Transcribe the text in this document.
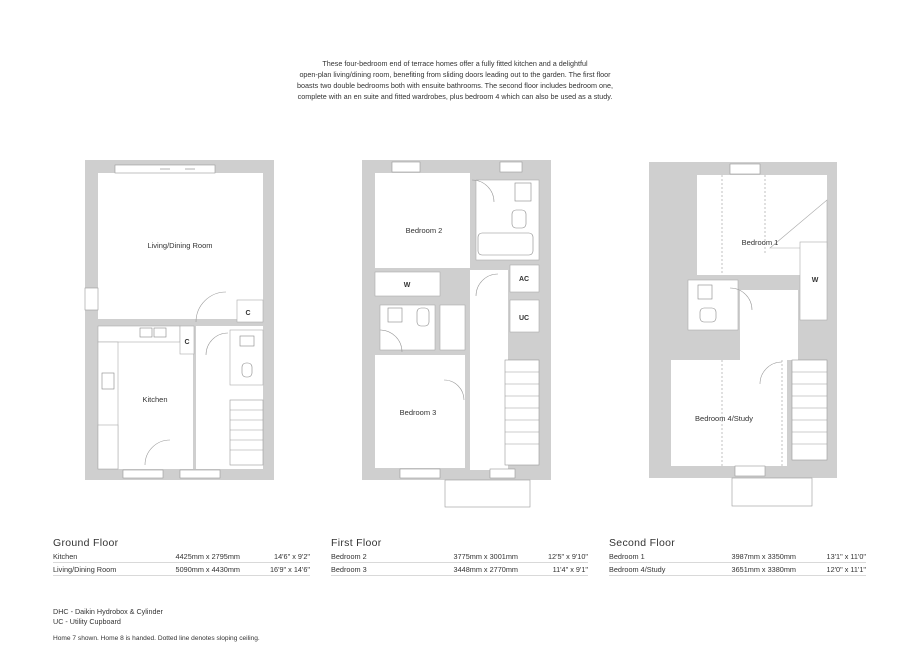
These four-bedroom end of terrace homes offer a fully fitted kitchen and a delightful
open-plan living/dining room, benefiting from sliding doors leading out to the garden. The first floor
boasts two double bedrooms both with ensuite bathrooms. The second floor includes bedroom one,
complete with an en suite and fitted wardrobes, plus bedroom 4 which can also be used as a study.
Living/Dining Room
Kitchen
C
C
Bedroom 2
Bedroom 3
W
AC
UC
Bedroom 1
Bedroom 4/Study
W
Ground Floor	First Floor	Second Floor
Kitchen	4425mm x 2795mm	14'6" x 9'2"
Living/Dining Room	5090mm x 4430mm	16'9" x 14'6"
Bedroom 2	3775mm x 3001mm	12'5" x 9'10"
Bedroom 3	3448mm x 2770mm	11'4" x 9'1"
Bedroom 1	3987mm x 3350mm	13'1" x 11'0"
Bedroom 4/Study	3651mm x 3380mm	12'0" x 11'1"
DHC - Daikin Hydrobox & Cylinder
UC - Utility Cupboard
Home 7 shown. Home 8 is handed. Dotted line denotes sloping ceiling.
